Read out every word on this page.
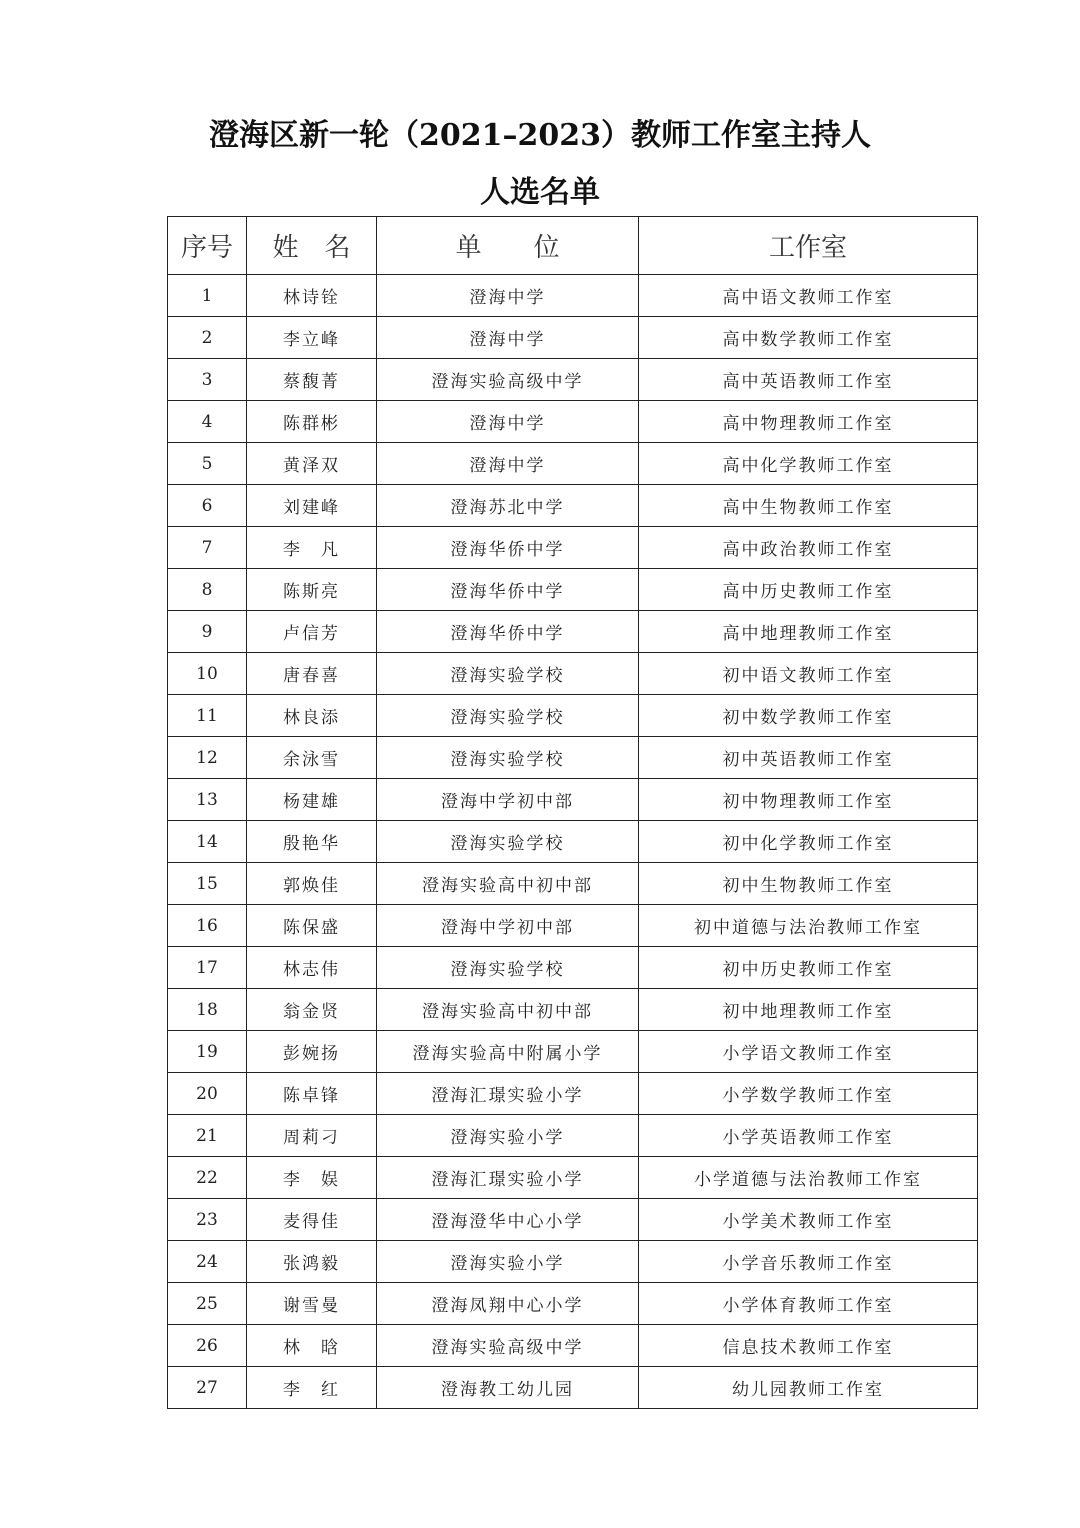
澄海区新一轮（2021–2023）教师工作室主持人
人选名单
序号	姓　名	单　　位	工作室
1	林诗铨	澄海中学	高中语文教师工作室
2	李立峰	澄海中学	高中数学教师工作室
3	蔡馥菁	澄海实验高级中学	高中英语教师工作室
4	陈群彬	澄海中学	高中物理教师工作室
5	黄泽双	澄海中学	高中化学教师工作室
6	刘建峰	澄海苏北中学	高中生物教师工作室
7	李　凡	澄海华侨中学	高中政治教师工作室
8	陈斯亮	澄海华侨中学	高中历史教师工作室
9	卢信芳	澄海华侨中学	高中地理教师工作室
10	唐春喜	澄海实验学校	初中语文教师工作室
11	林良添	澄海实验学校	初中数学教师工作室
12	余泳雪	澄海实验学校	初中英语教师工作室
13	杨建雄	澄海中学初中部	初中物理教师工作室
14	殷艳华	澄海实验学校	初中化学教师工作室
15	郭焕佳	澄海实验高中初中部	初中生物教师工作室
16	陈保盛	澄海中学初中部	初中道德与法治教师工作室
17	林志伟	澄海实验学校	初中历史教师工作室
18	翁金贤	澄海实验高中初中部	初中地理教师工作室
19	彭婉扬	澄海实验高中附属小学	小学语文教师工作室
20	陈卓锋	澄海汇璟实验小学	小学数学教师工作室
21	周莉刁	澄海实验小学	小学英语教师工作室
22	李　娱	澄海汇璟实验小学	小学道德与法治教师工作室
23	麦得佳	澄海澄华中心小学	小学美术教师工作室
24	张鸿毅	澄海实验小学	小学音乐教师工作室
25	谢雪曼	澄海凤翔中心小学	小学体育教师工作室
26	林　晗	澄海实验高级中学	信息技术教师工作室
27	李　红	澄海教工幼儿园	幼儿园教师工作室
